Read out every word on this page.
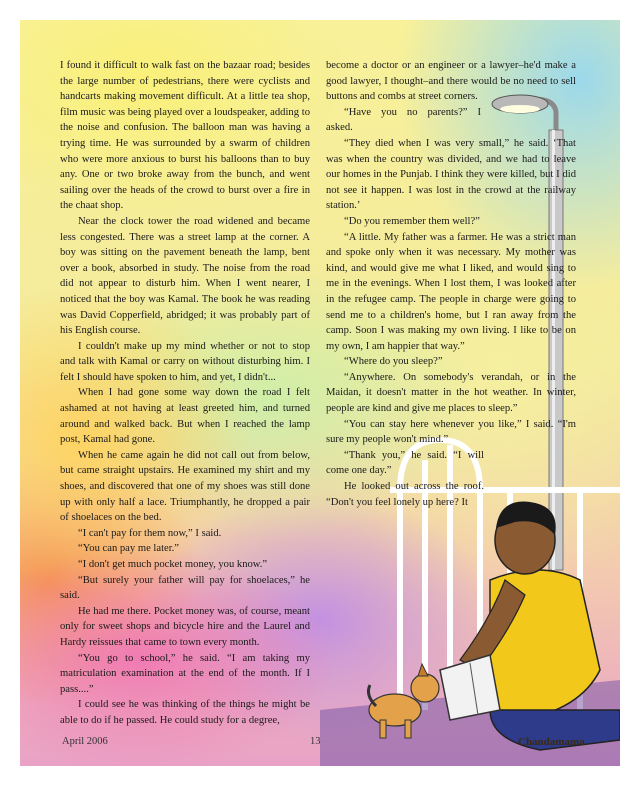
I found it difficult to walk fast on the bazaar road; besides the large number of pedestrians, there were cyclists and handcarts making movement difficult. At a little tea shop, film music was being played over a loudspeaker, adding to the noise and confusion. The balloon man was having a trying time. He was surrounded by a swarm of children who were more anxious to burst his balloons than to buy any. One or two broke away from the bunch, and went sailing over the heads of the crowd to burst over a fire in the chaat shop.

Near the clock tower the road widened and became less congested. There was a street lamp at the corner. A boy was sitting on the pavement beneath the lamp, bent over a book, absorbed in study. The noise from the road did not appear to disturb him. When I went nearer, I noticed that the boy was Kamal. The book he was reading was David Copperfield, abridged; it was probably part of his English course.

I couldn't make up my mind whether or not to stop and talk with Kamal or carry on without disturbing him. I felt I should have spoken to him, and yet, I didn't...

When I had gone some way down the road I felt ashamed at not having at least greeted him, and turned around and walked back. But when I reached the lamp post, Kamal had gone.

When he came again he did not call out from below, but came straight upstairs. He examined my shirt and my shoes, and discovered that one of my shoes was still done up with only half a lace. Triumphantly, he dropped a pair of shoelaces on the bed.

“I can't pay for them now,” I said.

“You can pay me later.”

“I don't get much pocket money, you know.”

“But surely your father will pay for shoelaces,” he said.

He had me there. Pocket money was, of course, meant only for sweet shops and bicycle hire and the Laurel and Hardy reissues that came to town every month.

“You go to school,” he said. “I am taking my matriculation examination at the end of the month. If I pass....”

I could see he was thinking of the things he might be able to do if he passed. He could study for a degree,

become a doctor or an engineer or a lawyer–he'd make a good lawyer, I thought–and there would be no need to sell buttons and combs at street corners.

“Have you no parents?” I asked.

“They died when I was very small,” he said. ‘That was when the country was divided, and we had to leave our homes in the Punjab. I think they were killed, but I did not see it happen. I was lost in the crowd at the railway station.’

“Do you remember them well?”

“A little. My father was a farmer. He was a strict man and spoke only when it was necessary. My mother was kind, and would give me what I liked, and would sing to me in the evenings. When I lost them, I was looked after in the refugee camp. The people in charge were going to send me to a children's home, but I ran away from the camp. Soon I was making my own living. I like to be on my own, I am happier that way.”

“Where do you sleep?”

“Anywhere. On somebody's verandah, or in the Maidan, it doesn't matter in the hot weather. In winter, people are kind and give me places to sleep.”

“You can stay here whenever you like,” I said. “I'm sure my people won't mind.”

“Thank you,” he said. “I will come one day.”

He looked out across the roof. “Don't you feel lonely up here? It

April 2006	13	Chandamama
